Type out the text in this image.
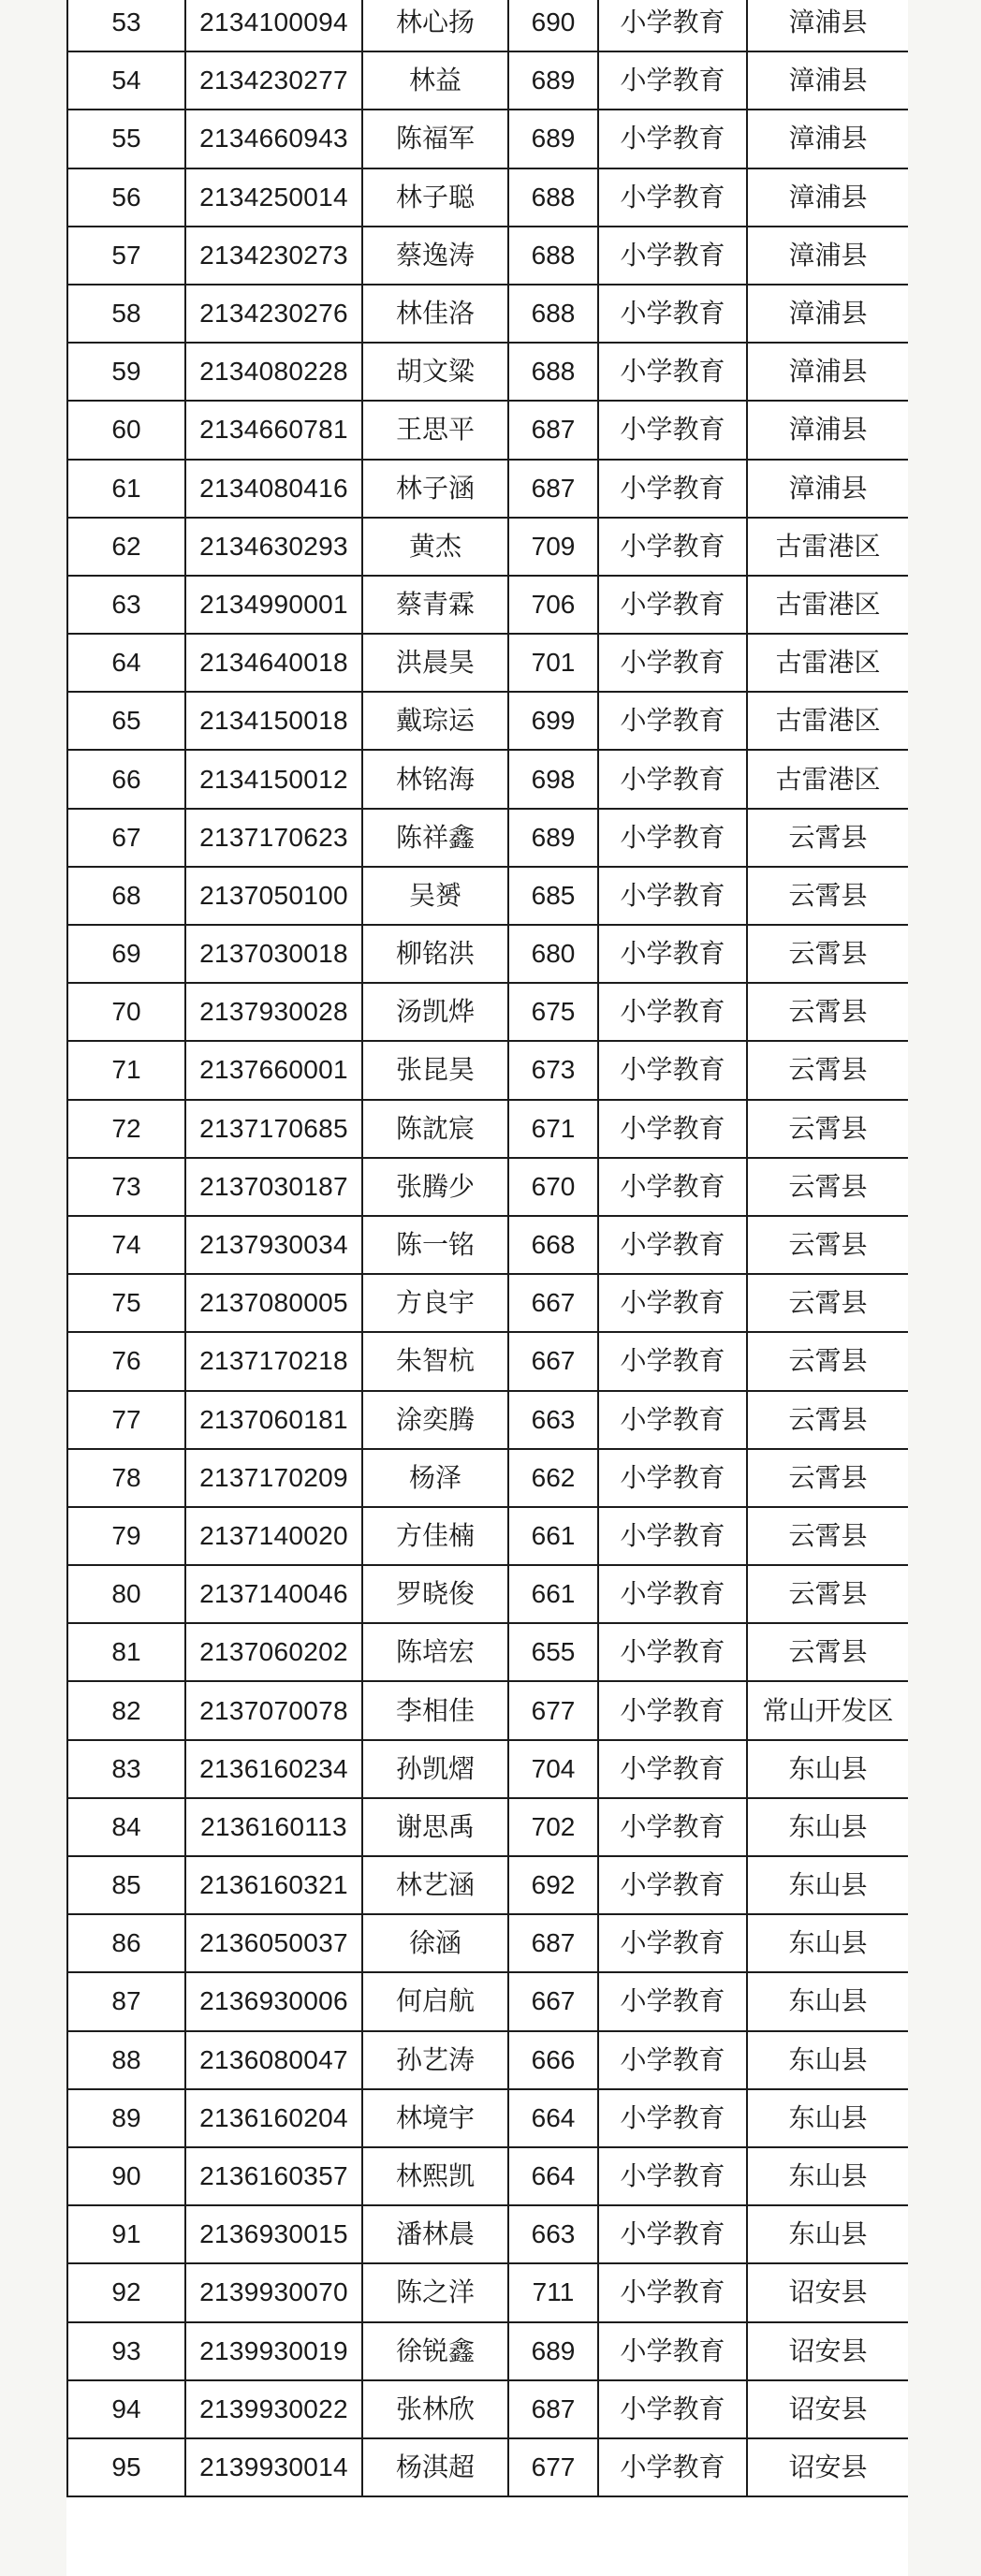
53	2134100094	林心扬	690	小学教育	漳浦县
54	2134230277	林益	689	小学教育	漳浦县
55	2134660943	陈福军	689	小学教育	漳浦县
56	2134250014	林子聪	688	小学教育	漳浦县
57	2134230273	蔡逸涛	688	小学教育	漳浦县
58	2134230276	林佳洛	688	小学教育	漳浦县
59	2134080228	胡文粱	688	小学教育	漳浦县
60	2134660781	王思平	687	小学教育	漳浦县
61	2134080416	林子涵	687	小学教育	漳浦县
62	2134630293	黄杰	709	小学教育	古雷港区
63	2134990001	蔡青霖	706	小学教育	古雷港区
64	2134640018	洪晨昊	701	小学教育	古雷港区
65	2134150018	戴琮运	699	小学教育	古雷港区
66	2134150012	林铭海	698	小学教育	古雷港区
67	2137170623	陈祥鑫	689	小学教育	云霄县
68	2137050100	吴赟	685	小学教育	云霄县
69	2137030018	柳铭洪	680	小学教育	云霄县
70	2137930028	汤凯烨	675	小学教育	云霄县
71	2137660001	张昆昊	673	小学教育	云霄县
72	2137170685	陈訦宸	671	小学教育	云霄县
73	2137030187	张腾少	670	小学教育	云霄县
74	2137930034	陈一铭	668	小学教育	云霄县
75	2137080005	方良宇	667	小学教育	云霄县
76	2137170218	朱智杭	667	小学教育	云霄县
77	2137060181	涂奕腾	663	小学教育	云霄县
78	2137170209	杨泽	662	小学教育	云霄县
79	2137140020	方佳楠	661	小学教育	云霄县
80	2137140046	罗晓俊	661	小学教育	云霄县
81	2137060202	陈培宏	655	小学教育	云霄县
82	2137070078	李相佳	677	小学教育	常山开发区
83	2136160234	孙凯熠	704	小学教育	东山县
84	2136160113	谢思禹	702	小学教育	东山县
85	2136160321	林艺涵	692	小学教育	东山县
86	2136050037	徐涵	687	小学教育	东山县
87	2136930006	何启航	667	小学教育	东山县
88	2136080047	孙艺涛	666	小学教育	东山县
89	2136160204	林境宇	664	小学教育	东山县
90	2136160357	林熙凯	664	小学教育	东山县
91	2136930015	潘林晨	663	小学教育	东山县
92	2139930070	陈之洋	711	小学教育	诏安县
93	2139930019	徐锐鑫	689	小学教育	诏安县
94	2139930022	张林欣	687	小学教育	诏安县
95	2139930014	杨淇超	677	小学教育	诏安县
